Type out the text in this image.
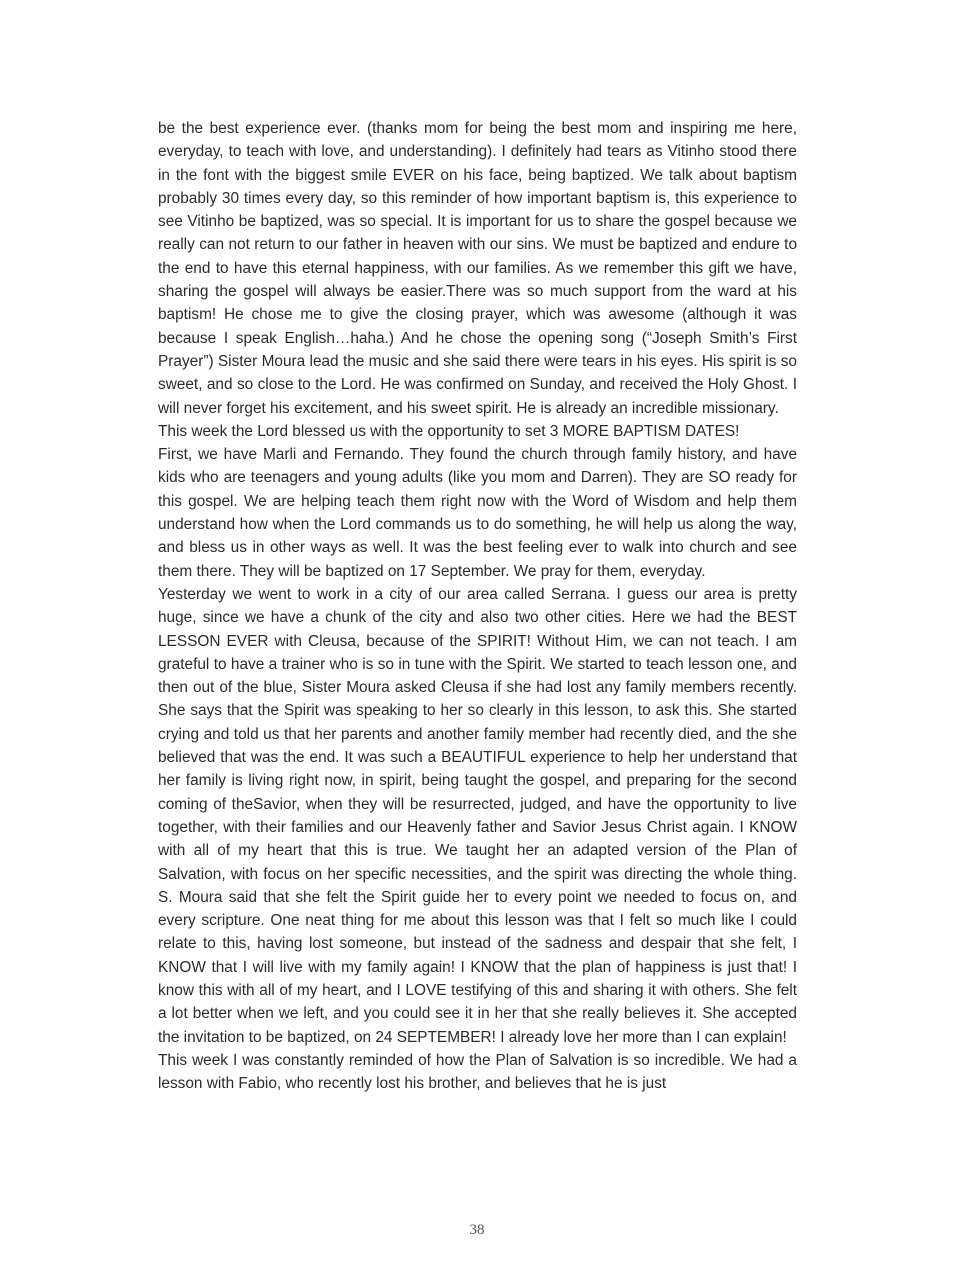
be the best experience ever. (thanks mom for being the best mom and inspiring me here, everyday, to teach with love, and understanding). I definitely had tears as Vitinho stood there in the font with the biggest smile EVER on his face, being baptized. We talk about baptism probably 30 times every day, so this reminder of how important baptism is, this experience to see Vitinho be baptized, was so special. It is important for us to share the gospel because we really can not return to our father in heaven with our sins. We must be baptized and endure to the end to have this eternal happiness, with our families. As we remember this gift we have, sharing the gospel will always be easier.There was so much support from the ward at his baptism! He chose me to give the closing prayer, which was awesome (although it was because I speak English…haha.) And he chose the opening song (“Joseph Smith’s First Prayer”) Sister Moura lead the music and she said there were tears in his eyes. His spirit is so sweet, and so close to the Lord. He was confirmed on Sunday, and received the Holy Ghost. I will never forget his excitement, and his sweet spirit. He is already an incredible missionary.

This week the Lord blessed us with the opportunity to set 3 MORE BAPTISM DATES!

First, we have Marli and Fernando. They found the church through family history, and have kids who are teenagers and young adults (like you mom and Darren). They are SO ready for this gospel. We are helping teach them right now with the Word of Wisdom and help them understand how when the Lord commands us to do something, he will help us along the way, and bless us in other ways as well. It was the best feeling ever to walk into church and see them there. They will be baptized on 17 September. We pray for them, everyday.

Yesterday we went to work in a city of our area called Serrana. I guess our area is pretty huge, since we have a chunk of the city and also two other cities. Here we had the BEST LESSON EVER with Cleusa, because of the SPIRIT! Without Him, we can not teach. I am grateful to have a trainer who is so in tune with the Spirit. We started to teach lesson one, and then out of the blue, Sister Moura asked Cleusa if she had lost any family members recently. She says that the Spirit was speaking to her so clearly in this lesson, to ask this. She started crying and told us that her parents and another family member had recently died, and the she believed that was the end. It was such a BEAUTIFUL experience to help her understand that her family is living right now, in spirit, being taught the gospel, and preparing for the second coming of theSavior, when they will be resurrected, judged, and have the opportunity to live together, with their families and our Heavenly father and Savior Jesus Christ again. I KNOW with all of my heart that this is true. We taught her an adapted version of the Plan of Salvation, with focus on her specific necessities, and the spirit was directing the whole thing. S. Moura said that she felt the Spirit guide her to every point we needed to focus on, and every scripture. One neat thing for me about this lesson was that I felt so much like I could relate to this, having lost someone, but instead of the sadness and despair that she felt, I KNOW that I will live with my family again! I KNOW that the plan of happiness is just that! I know this with all of my heart, and I LOVE testifying of this and sharing it with others. She felt a lot better when we left, and you could see it in her that she really believes it. She accepted the invitation to be baptized, on 24 SEPTEMBER! I already love her more than I can explain!

This week I was constantly reminded of how the Plan of Salvation is so incredible. We had a lesson with Fabio, who recently lost his brother, and believes that he is just

38
